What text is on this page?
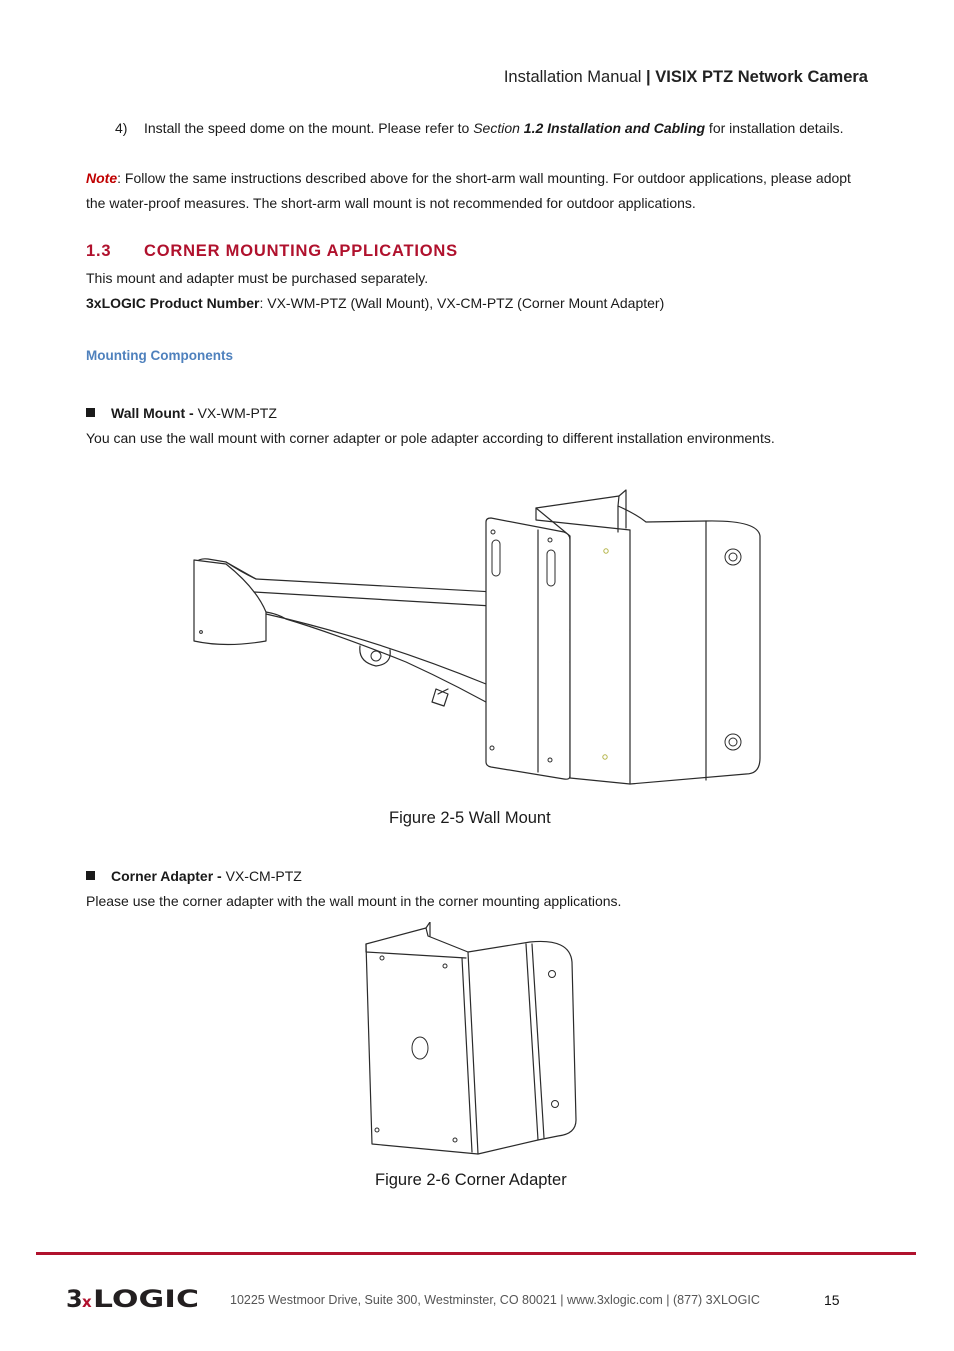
Installation Manual | VISIX PTZ Network Camera
4) Install the speed dome on the mount. Please refer to Section 1.2 Installation and Cabling for installation details.
Note: Follow the same instructions described above for the short-arm wall mounting. For outdoor applications, please adopt the water-proof measures. The short-arm wall mount is not recommended for outdoor applications.
1.3 CORNER MOUNTING APPLICATIONS
This mount and adapter must be purchased separately.
3xLOGIC Product Number: VX-WM-PTZ (Wall Mount), VX-CM-PTZ (Corner Mount Adapter)
Mounting Components
Wall Mount - VX-WM-PTZ
You can use the wall mount with corner adapter or pole adapter according to different installation environments.
Figure 2-5 Wall Mount
Corner Adapter - VX-CM-PTZ
Please use the corner adapter with the wall mount in the corner mounting applications.
Figure 2-6 Corner Adapter
3 x LOGIC 10225 Westmoor Drive, Suite 300, Westminster, CO 80021 | www.3xlogic.com | (877) 3XLOGIC	15
